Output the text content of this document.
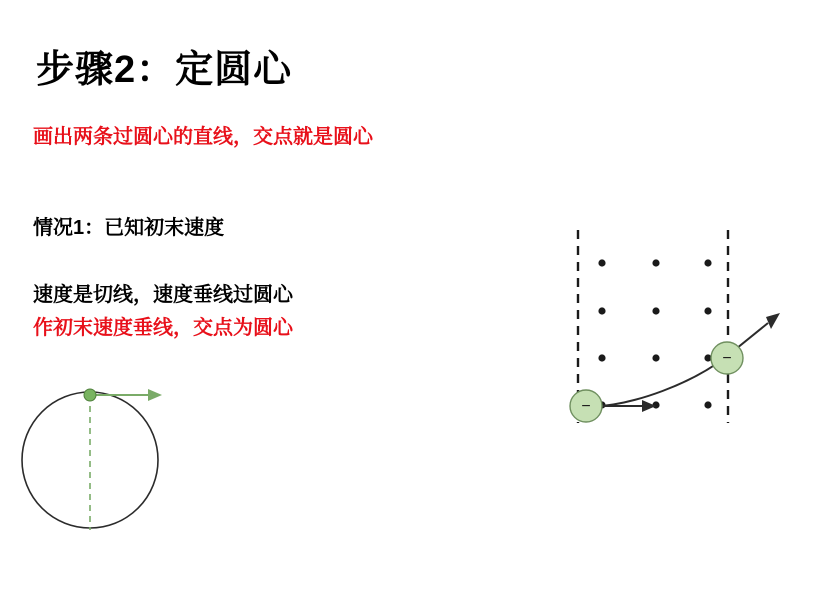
步骤2：定圆心
画出两条过圆心的直线，交点就是圆心
情况1：已知初末速度
速度是切线，速度垂线过圆心
作初末速度垂线，交点为圆心
−
−
